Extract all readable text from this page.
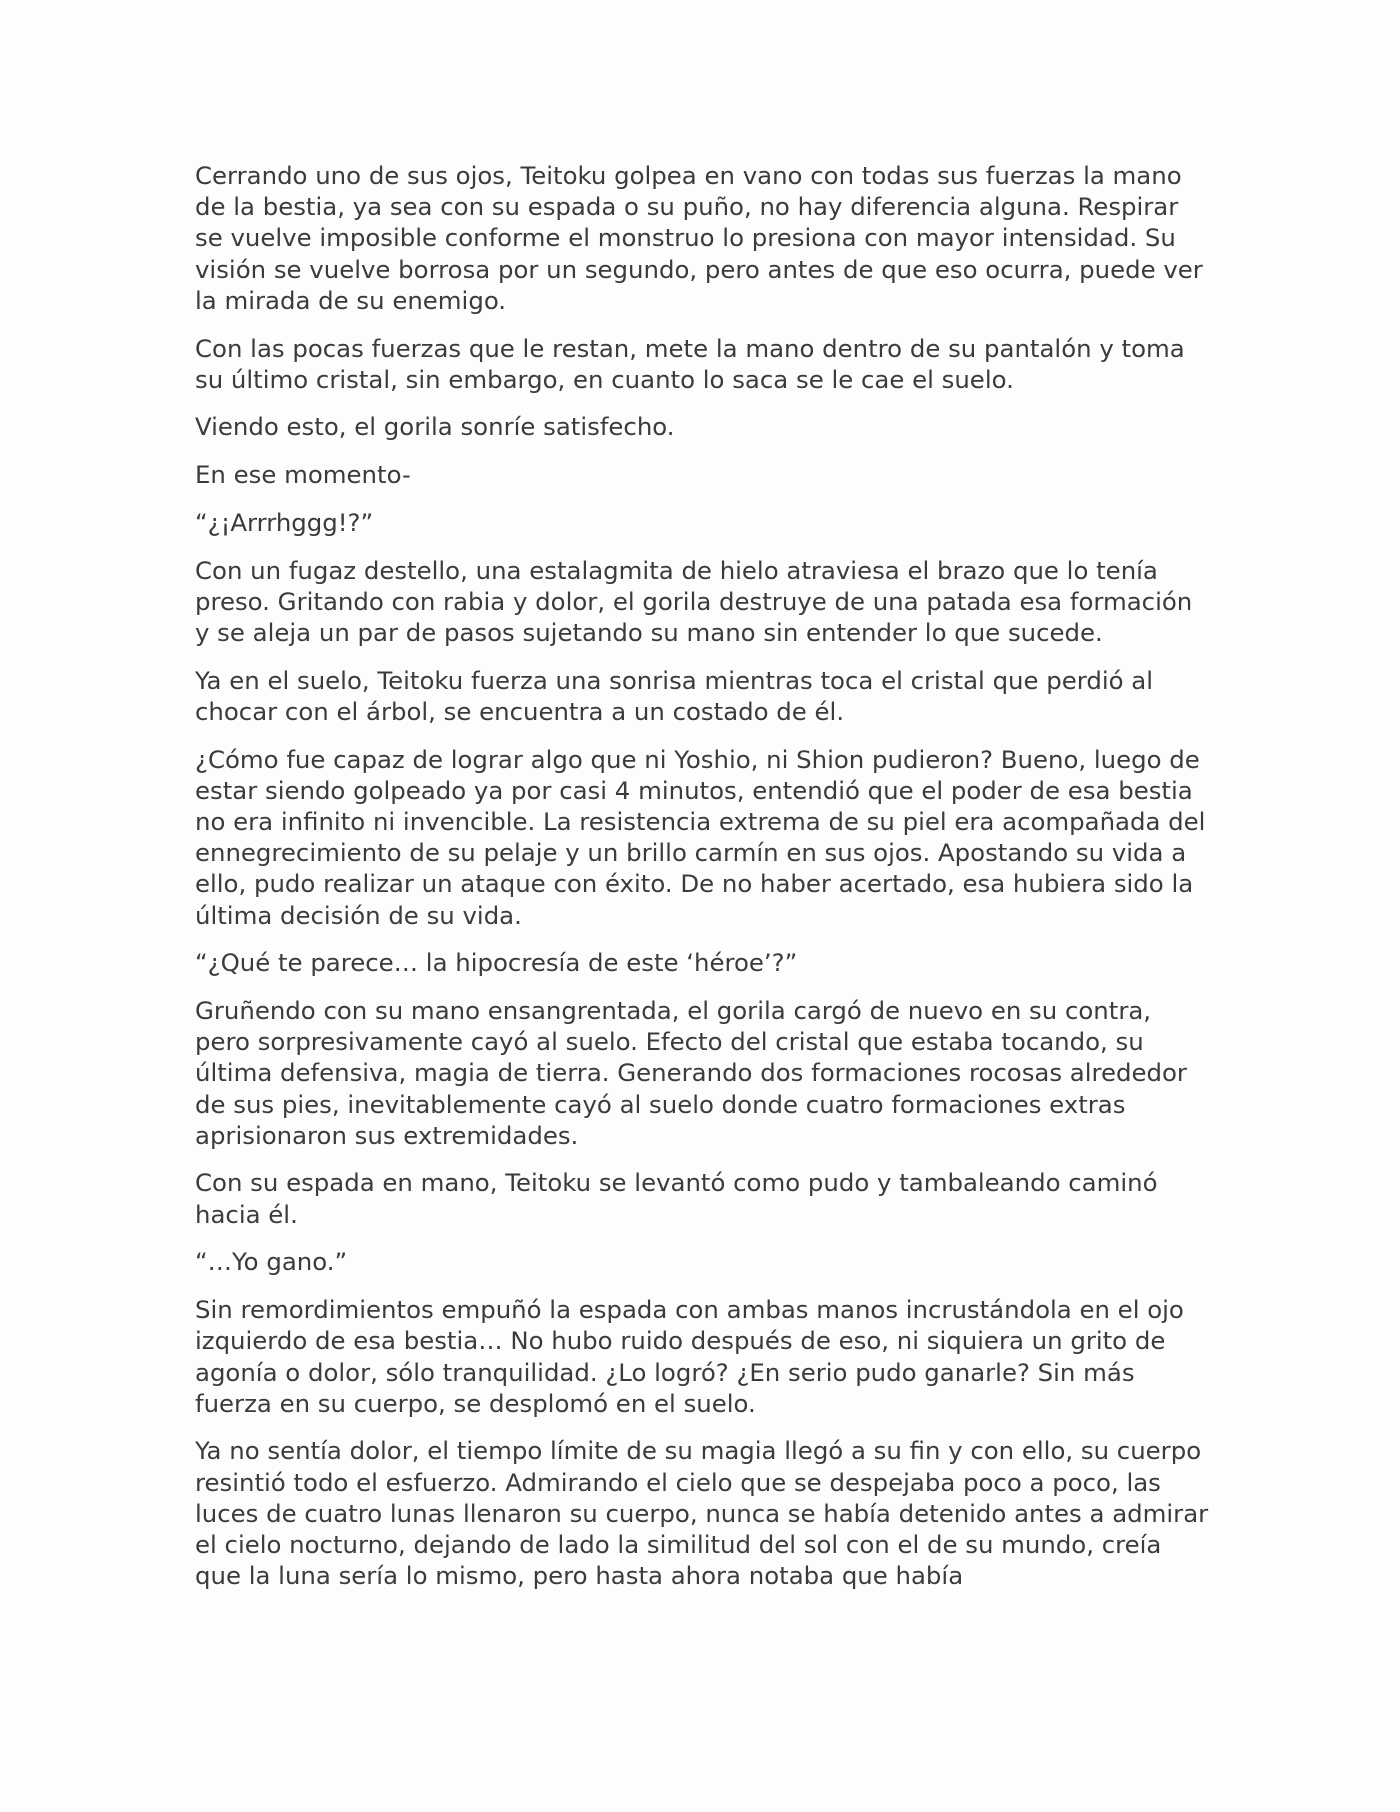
Cerrando uno de sus ojos, Teitoku golpea en vano con todas sus fuerzas la mano de la bestia, ya sea con su espada o su puño, no hay diferencia alguna. Respirar se vuelve imposible conforme el monstruo lo presiona con mayor intensidad. Su visión se vuelve borrosa por un segundo, pero antes de que eso ocurra, puede ver la mirada de su enemigo.

Con las pocas fuerzas que le restan, mete la mano dentro de su pantalón y toma su último cristal, sin embargo, en cuanto lo saca se le cae el suelo.

Viendo esto, el gorila sonríe satisfecho.

En ese momento-

“¿¡Arrrhggg!?”

Con un fugaz destello, una estalagmita de hielo atraviesa el brazo que lo tenía preso. Gritando con rabia y dolor, el gorila destruye de una patada esa formación y se aleja un par de pasos sujetando su mano sin entender lo que sucede.

Ya en el suelo, Teitoku fuerza una sonrisa mientras toca el cristal que perdió al chocar con el árbol, se encuentra a un costado de él.

¿Cómo fue capaz de lograr algo que ni Yoshio, ni Shion pudieron? Bueno, luego de estar siendo golpeado ya por casi 4 minutos, entendió que el poder de esa bestia no era infinito ni invencible. La resistencia extrema de su piel era acompañada del ennegrecimiento de su pelaje y un brillo carmín en sus ojos. Apostando su vida a ello, pudo realizar un ataque con éxito. De no haber acertado, esa hubiera sido la última decisión de su vida.

“¿Qué te parece… la hipocresía de este ‘héroe’?”

Gruñendo con su mano ensangrentada, el gorila cargó de nuevo en su contra, pero sorpresivamente cayó al suelo. Efecto del cristal que estaba tocando, su última defensiva, magia de tierra. Generando dos formaciones rocosas alrededor de sus pies, inevitablemente cayó al suelo donde cuatro formaciones extras aprisionaron sus extremidades.

Con su espada en mano, Teitoku se levantó como pudo y tambaleando caminó hacia él.

“…Yo gano.”

Sin remordimientos empuñó la espada con ambas manos incrustándola en el ojo izquierdo de esa bestia… No hubo ruido después de eso, ni siquiera un grito de agonía o dolor, sólo tranquilidad. ¿Lo logró? ¿En serio pudo ganarle? Sin más fuerza en su cuerpo, se desplomó en el suelo.

Ya no sentía dolor, el tiempo límite de su magia llegó a su fin y con ello, su cuerpo resintió todo el esfuerzo. Admirando el cielo que se despejaba poco a poco, las luces de cuatro lunas llenaron su cuerpo, nunca se había detenido antes a admirar el cielo nocturno, dejando de lado la similitud del sol con el de su mundo, creía que la luna sería lo mismo, pero hasta ahora notaba que había
